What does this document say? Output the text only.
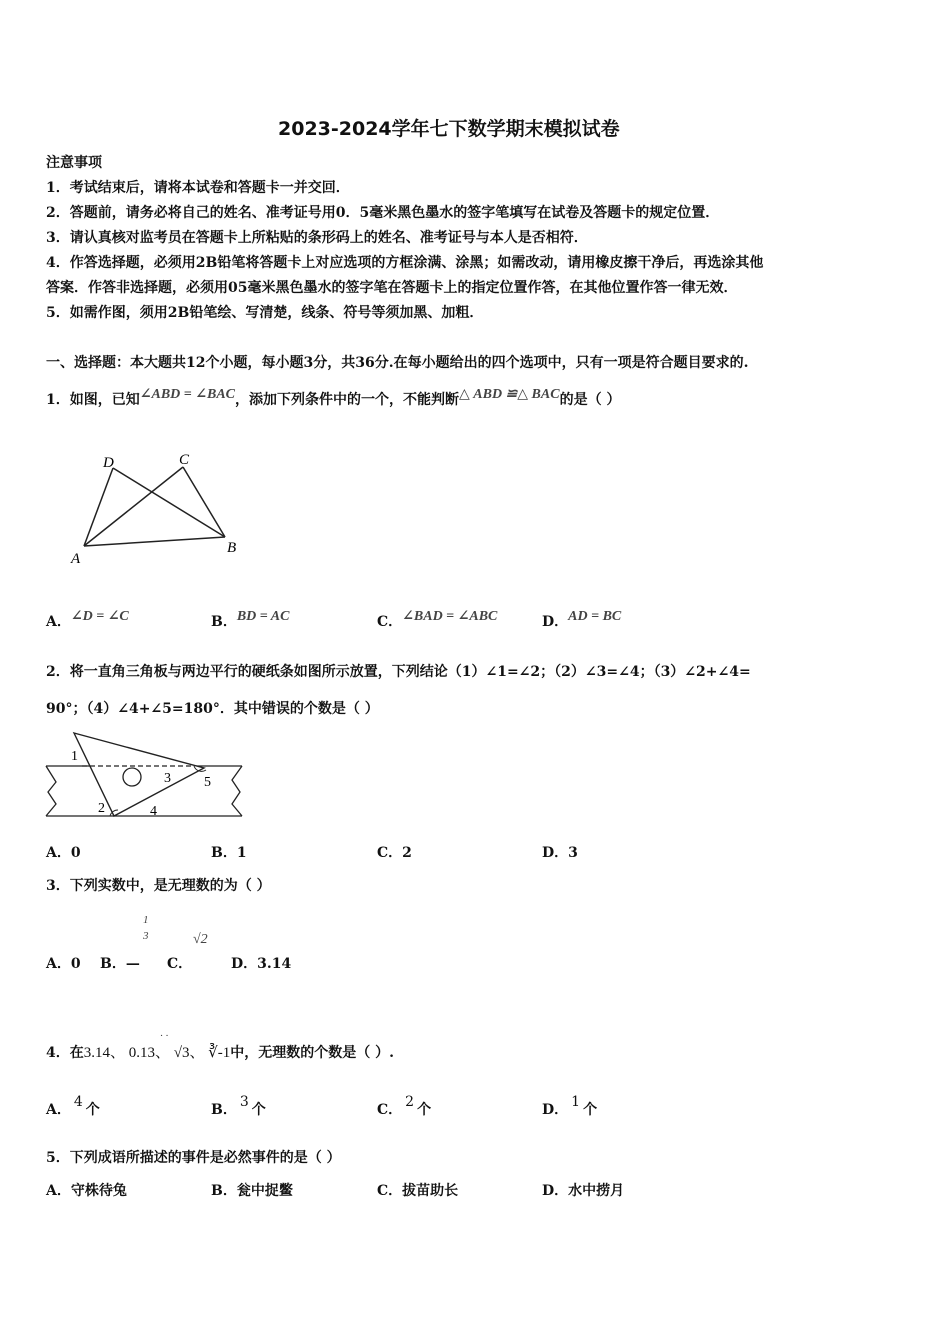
2023-2024学年七下数学期末模拟试卷
注意事项
1．考试结束后，请将本试卷和答题卡一并交回．
2．答题前，请务必将自己的姓名、准考证号用0．5毫米黑色墨水的签字笔填写在试卷及答题卡的规定位置．
3．请认真核对监考员在答题卡上所粘贴的条形码上的姓名、准考证号与本人是否相符．
4．作答选择题，必须用2B铅笔将答题卡上对应选项的方框涂满、涂黑；如需改动，请用橡皮擦干净后，再选涂其他
答案．作答非选择题，必须用05毫米黑色墨水的签字笔在答题卡上的指定位置作答，在其他位置作答一律无效．
5．如需作图，须用2B铅笔绘、写清楚，线条、符号等须加黑、加粗．
一、选择题：本大题共12个小题，每小题3分，共36分.在每小题给出的四个选项中，只有一项是符合题目要求的.
1．如图，已知∠ABD = ∠BAC，添加下列条件中的一个，不能判断△ ABD ≌△ BAC的是（ ）
D	C
A
B
A．∠D = ∠C	B．BD = AC	C．∠BAD = ∠ABC	D．AD = BC
2．将一直角三角板与两边平行的硬纸条如图所示放置，下列结论（1）∠1=∠2；（2）∠3=∠4；（3）∠2+∠4=
90°；（4）∠4+∠5=180°．其中错误的个数是（ ）
1
3 5
2	4
A．0	B．1	C．2	D．3
3．下列实数中，是无理数的为（ ）
1
3	√2
A．0 B．— C．	D．3.14
· ·
4．在3.14、 0.13、 √3、 ∛-1中，无理数的个数是（ ）.
A． 4 个	B． 3 个	C． 2 个	D． 1 个
5．下列成语所描述的事件是必然事件的是（ ）
A．守株待兔	B．瓮中捉鳖	C．拔苗助长	D．水中捞月
